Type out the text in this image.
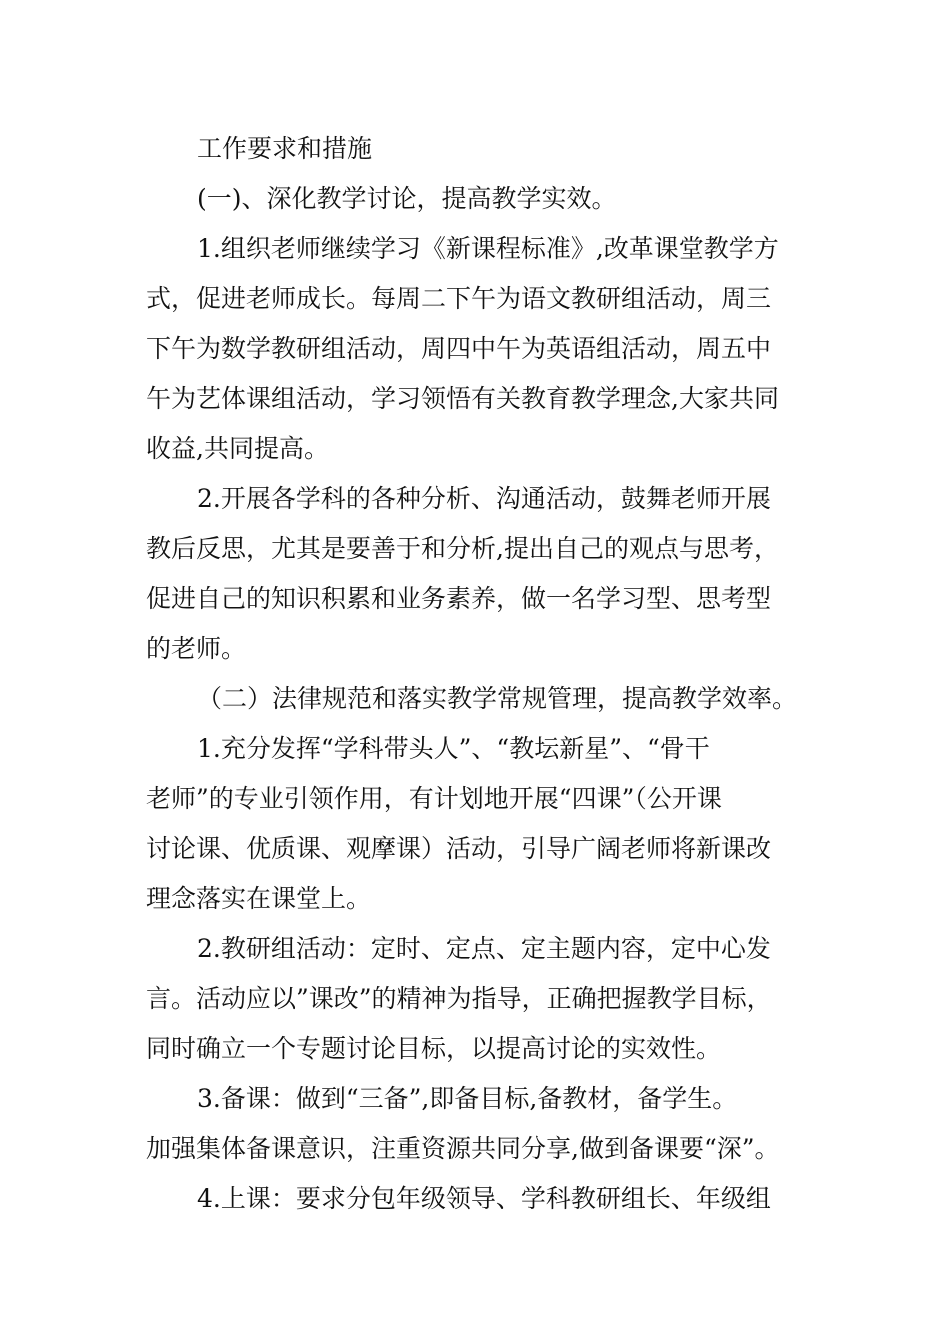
工作要求和措施
(一)、深化教学讨论，提高教学实效。
1.组织老师继续学习《新课程标准》,改革课堂教学方
式，促进老师成长。每周二下午为语文教研组活动，周三
下午为数学教研组活动，周四中午为英语组活动，周五中
午为艺体课组活动，学习领悟有关教育教学理念,大家共同
收益,共同提高。
2.开展各学科的各种分析、沟通活动，鼓舞老师开展
教后反思，尤其是要善于和分析,提出自己的观点与思考，
促进自己的知识积累和业务素养，做一名学习型、思考型
的老师。
（二）法律规范和落实教学常规管理，提高教学效率。
1.充分发挥“学科带头人”、“教坛新星”、“骨干
老师”的专业引领作用，有计划地开展“四课”（公开课
讨论课、优质课、观摩课）活动，引导广阔老师将新课改
理念落实在课堂上。
2.教研组活动：定时、定点、定主题内容，定中心发
言。活动应以”课改”的精神为指导，正确把握教学目标，
同时确立一个专题讨论目标，以提高讨论的实效性。
3.备课：做到“三备”,即备目标,备教材，备学生。
加强集体备课意识，注重资源共同分享,做到备课要“深”。
4.上课：要求分包年级领导、学科教研组长、年级组
